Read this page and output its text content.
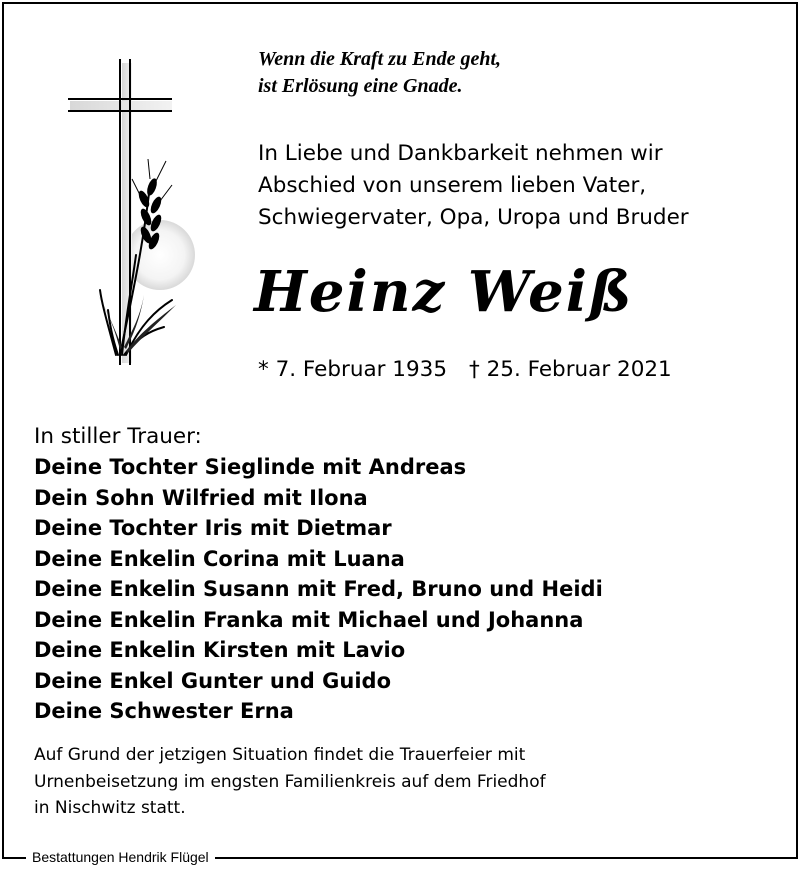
Wenn die Kraft zu Ende geht,
ist Erlösung eine Gnade.

In Liebe und Dankbarkeit nehmen wir
Abschied von unserem lieben Vater,
Schwiegervater, Opa, Uropa und Bruder

Heinz Weiß
* 7. Februar 1935 † 25. Februar 2021

In stiller Trauer:

Deine Tochter Sieglinde mit Andreas
Dein Sohn Wilfried mit Ilona
Deine Tochter Iris mit Dietmar
Deine Enkelin Corina mit Luana
Deine Enkelin Susann mit Fred, Bruno und Heidi
Deine Enkelin Franka mit Michael und Johanna
Deine Enkelin Kirsten mit Lavio
Deine Enkel Gunter und Guido
Deine Schwester Erna

Auf Grund der jetzigen Situation findet die Trauerfeier mit
Urnenbeisetzung im engsten Familienkreis auf dem Friedhof
in Nischwitz statt.

Bestattungen Hendrik Flügel
